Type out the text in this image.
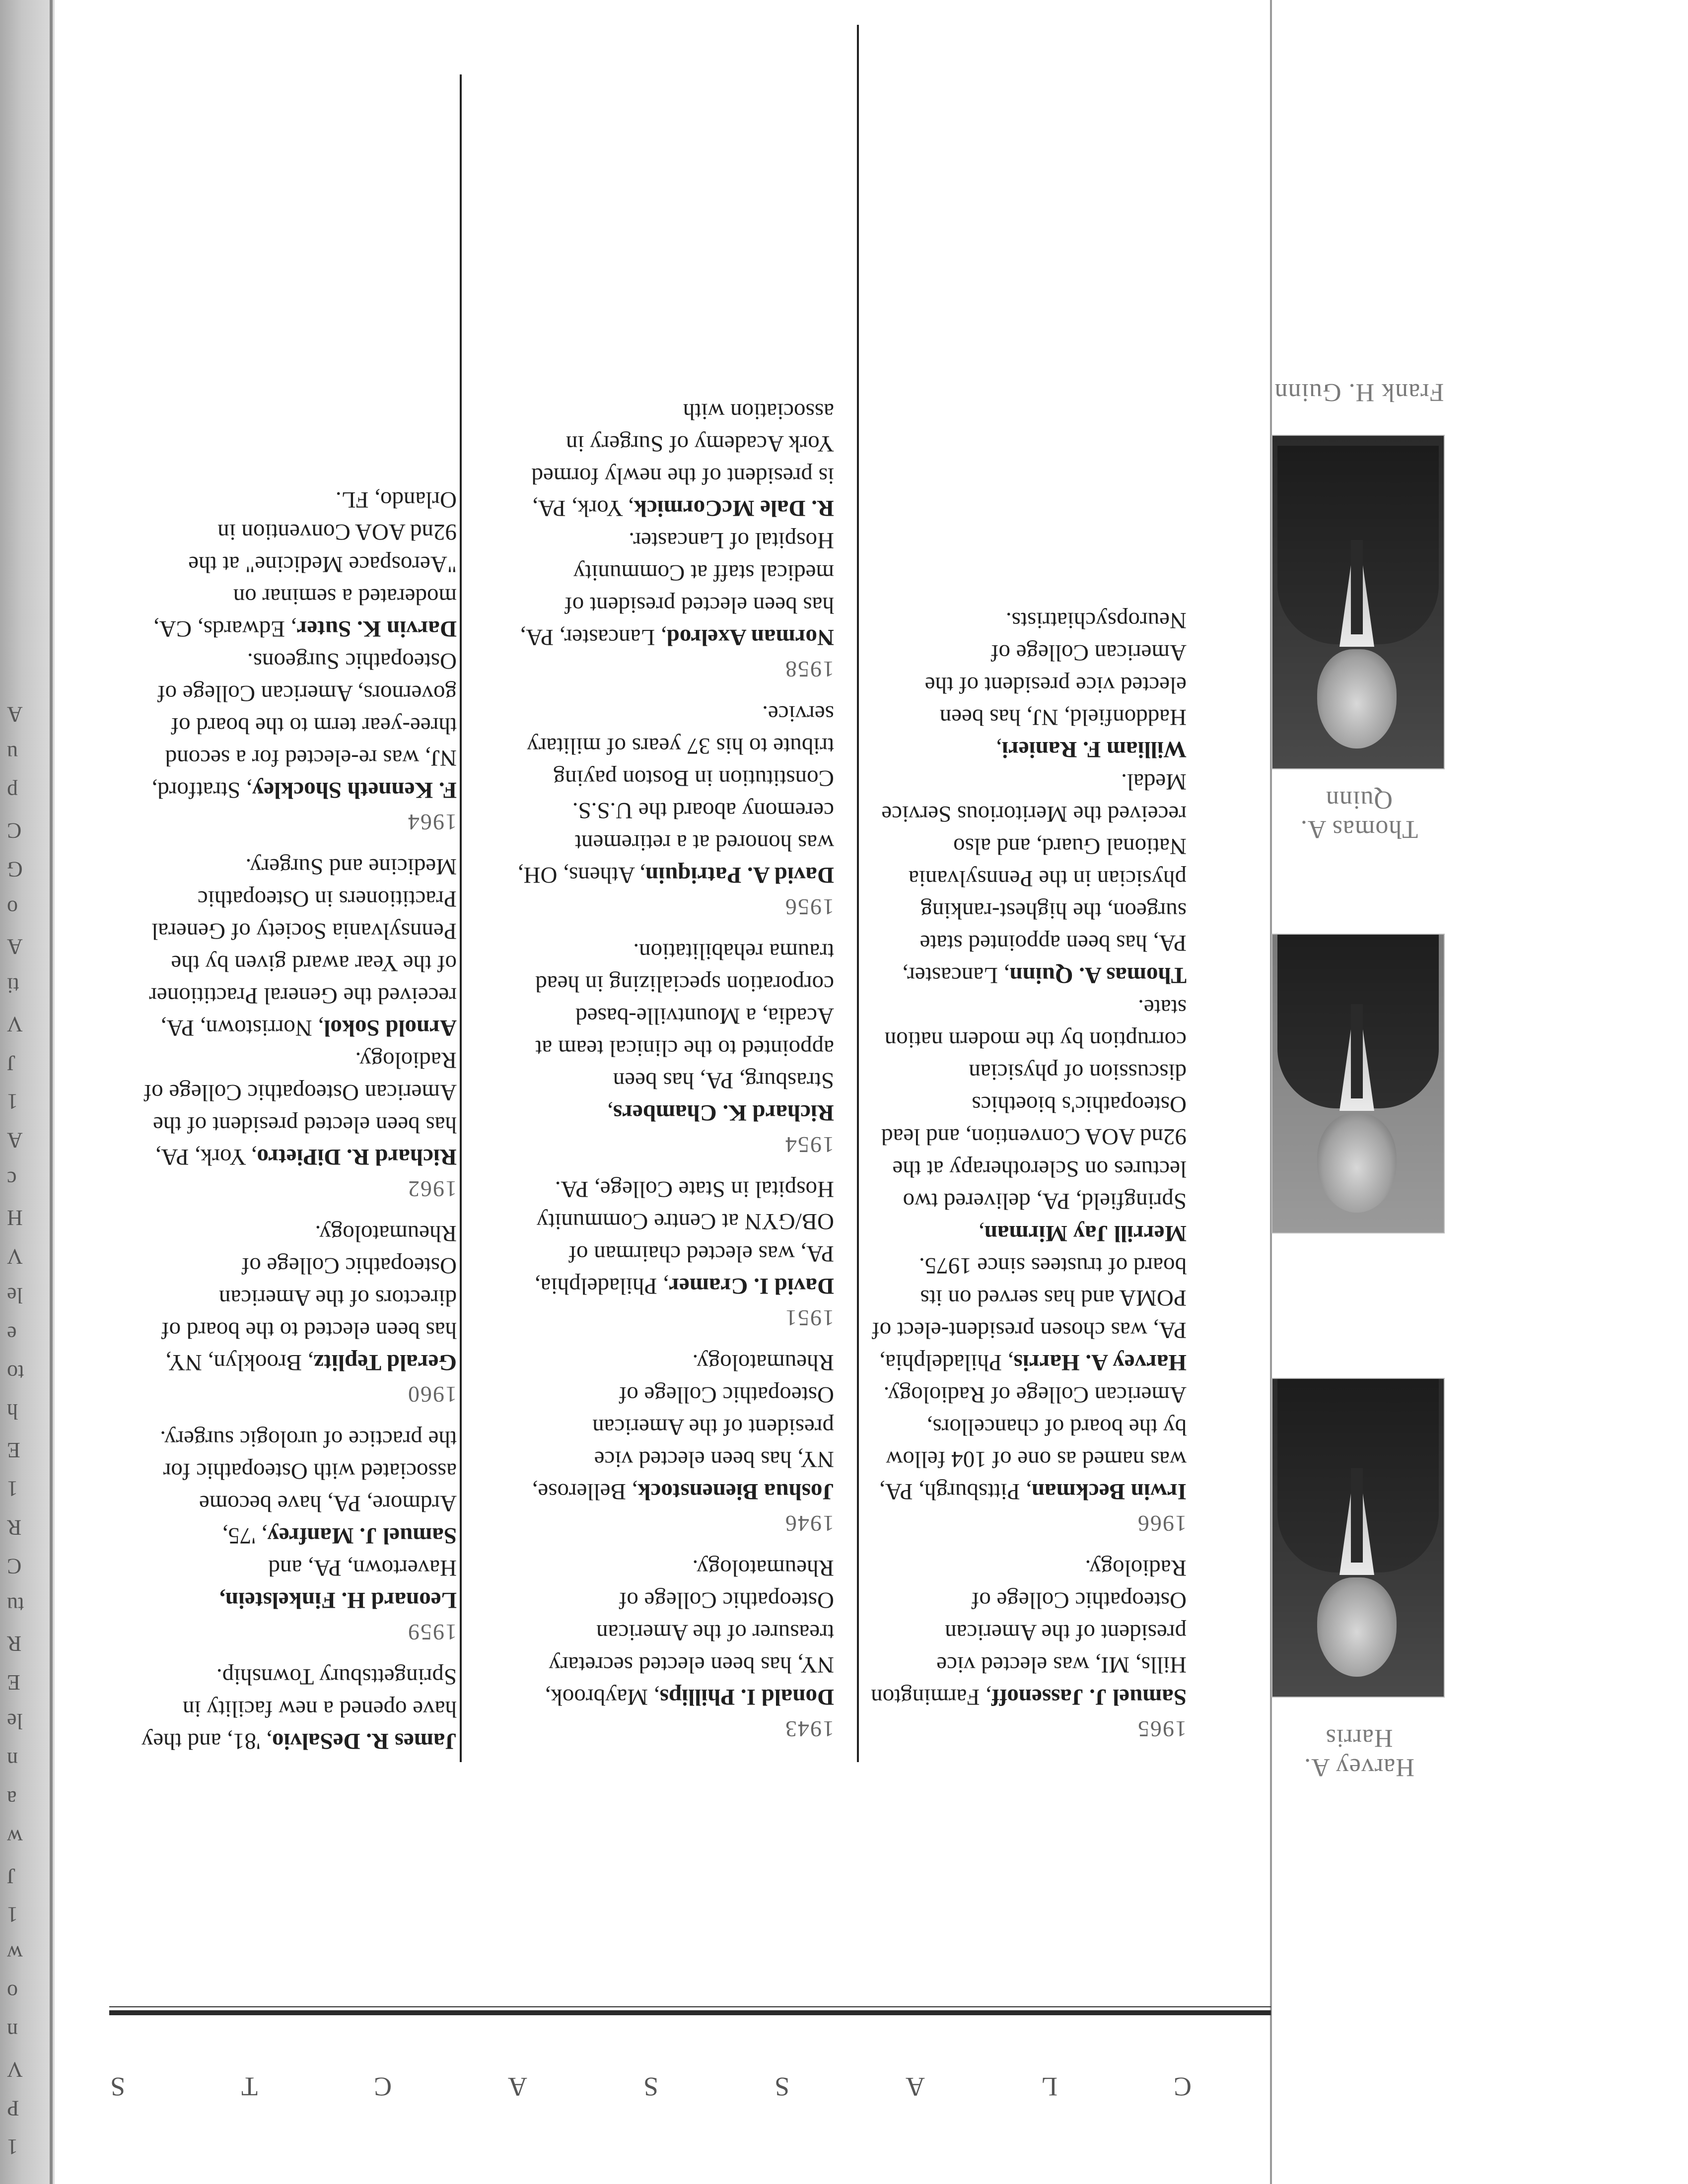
C
L
A
S
S
A
C
T
S
Harvey A. Harris
Thomas A. Quinn
Frank H. Guinn
1943

Donald I. Phillips, Maybrook, NY, has been elected secretary treasurer of the American Osteopathic College of Rheumatology.

1946

Joshua Bienenstock, Bellerose, NY, has been elected vice president of the American Osteopathic College of Rheumatology.

1951

David I. Cramer, Philadelphia, PA, was elected chairman of OB/GYN at Centre Community Hospital in State College, PA.

1954

Richard K. Chambers, Strasburg, PA, has been appointed to the clinical team at Acadia, a Mountville-based corporation specializing in head trauma rehabilitation.

1956

David A. Patriquin, Athens, OH, was honored at a retirement ceremony aboard the U.S.S. Constitution in Boston paying tribute to his 37 years of military service.

1958

Norman Axelrod, Lancaster, PA, has been elected president of medical staff at Community Hospital of Lancaster.

R. Dale McCormick, York, PA, is president of the newly formed York Academy of Surgery in association with

James R. DeSalvio, '81, and they have opened a new facility in Springettsbury Township.

1959

Leonard H. Finkelstein, Havertown, PA, and

Samuel J. Manfrey, '75, Ardmore, PA, have become associated with Osteopathic for the practice of urologic surgery.

1960

Gerald Teplitz, Brooklyn, NY, has been elected to the board of directors of the American Osteopathic College of Rheumatology.

1962

Richard R. DiPietro, York, PA, has been elected president of the American Osteopathic College of Radiology.

Arnold Sokol, Norristown, PA, received the General Practitioner of the Year award given by the Pennsylvania Society of General Practitioners in Osteopathic Medicine and Surgery.

1964

F. Kenneth Shockley, Stratford, NJ, was re-elected for a second three-year term to the board of governors, American College of Osteopathic Surgeons.

Darvin K. Suter, Edwards, CA, moderated a seminar on "Aerospace Medicine" at the 92nd AOA Convention in Orlando, FL.

1965

Samuel J. Jassenoff, Farmington Hills, MI, was elected vice president of the American Osteopathic College of Radiology.

1966

Irwin Beckman, Pittsburgh, PA, was named as one of 104 fellow by the board of chancellors, American College of Radiology.

Harvey A. Harris, Philadelphia, PA, was chosen president-elect of POMA and has served on its board of trustees since 1975.

Merrill Jay Mirman, Springfield, PA, delivered two lectures on Sclerotherapy at the 92nd AOA Convention, and lead Osteopathic's bioethics discussion of physician corruption by the modern nation state.

Thomas A. Quinn, Lancaster, PA, has been appointed state surgeon, the highest-ranking physician in the Pennsylvania National Guard, and also received the Meritorious Service Medal.

William F. Ranieri, Haddonfield, NJ, has been elected vice president of the American College of Neuropsychiatrists.

1
P
V
n
o
w
1
J
w
a
n
le
E
R
tu
C
R
1
E
h
to
e
le
V
H
c
A
1
J
V
ti
A
o
G
C
p
u
A
